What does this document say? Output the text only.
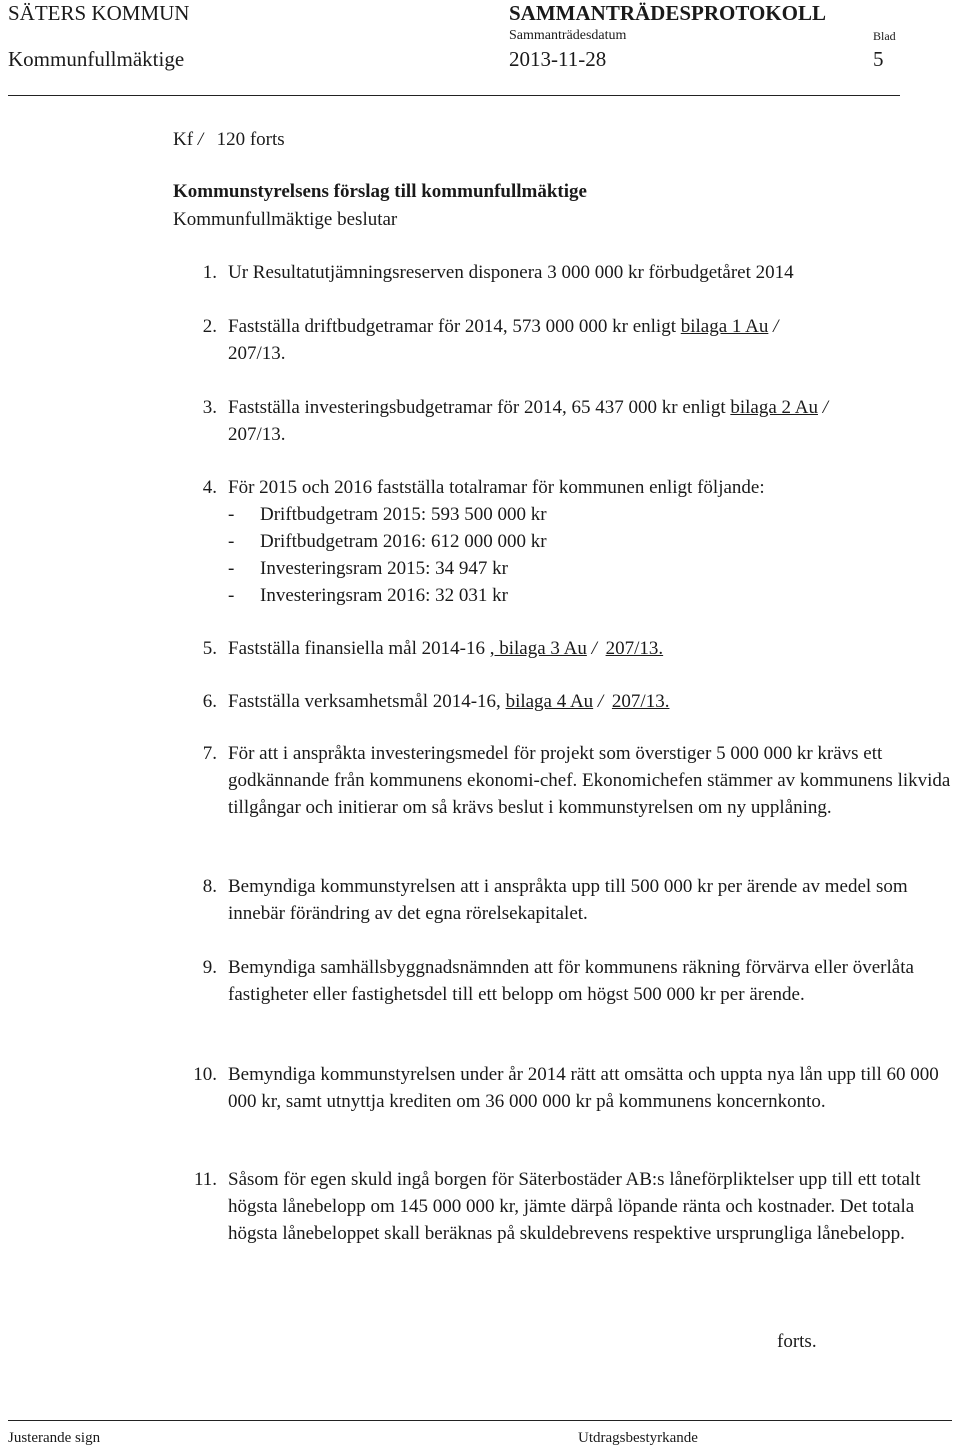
SÄTERS KOMMUN	SAMMANTRÄDESPROTOKOLL
Sammanträdesdatum	Blad
Kommunfullmäktige	2013-11-28	5
Kf / 120 forts
Kommunstyrelsens förslag till kommunfullmäktige
Kommunfullmäktige beslutar
1. Ur Resultatutjämningsreserven disponera 3 000 000 kr förbudgetåret 2014
2. Fastställa driftbudgetramar för 2014, 573 000 000 kr enligt bilaga 1 Au /
207/13.
3. Fastställa investeringsbudgetramar för 2014, 65 437 000 kr enligt bilaga 2 Au /
207/13.
4. För 2015 och 2016 fastställa totalramar för kommunen enligt följande:
- Driftbudgetram 2015: 593 500 000 kr
- Driftbudgetram 2016: 612 000 000 kr
- Investeringsram 2015: 34 947 kr
- Investeringsram 2016: 32 031 kr
5. Fastställa finansiella mål 2014-16 , bilaga 3 Au / 207/13.
6. Fastställa verksamhetsmål 2014-16, bilaga 4 Au / 207/13.
7. För att i anspråkta investeringsmedel för projekt som överstiger 5 000 000 kr krävs ett godkännande från kommunens ekonomi-chef. Ekonomichefen stämmer av kommunens likvida tillgångar och initierar om så krävs beslut i kommunstyrelsen om ny upplåning.
8. Bemyndiga kommunstyrelsen att i anspråkta upp till 500 000 kr per ärende av medel som innebär förändring av det egna rörelsekapitalet.
9. Bemyndiga samhällsbyggnadsnämnden att för kommunens räkning förvärva eller överlåta fastigheter eller fastighetsdel till ett belopp om högst 500 000 kr per ärende.
10. Bemyndiga kommunstyrelsen under år 2014 rätt att omsätta och uppta nya lån upp till 60 000 000 kr, samt utnyttja krediten om 36 000 000 kr på kommunens koncernkonto.
11. Såsom för egen skuld ingå borgen för Säterbostäder AB:s låneförpliktelser upp till ett totalt högsta lånebelopp om 145 000 000 kr, jämte därpå löpande ränta och kostnader. Det totala högsta lånebeloppet skall beräknas på skuldebrevens respektive ursprungliga lånebelopp.
forts.
Justerande sign	Utdragsbestyrkande
